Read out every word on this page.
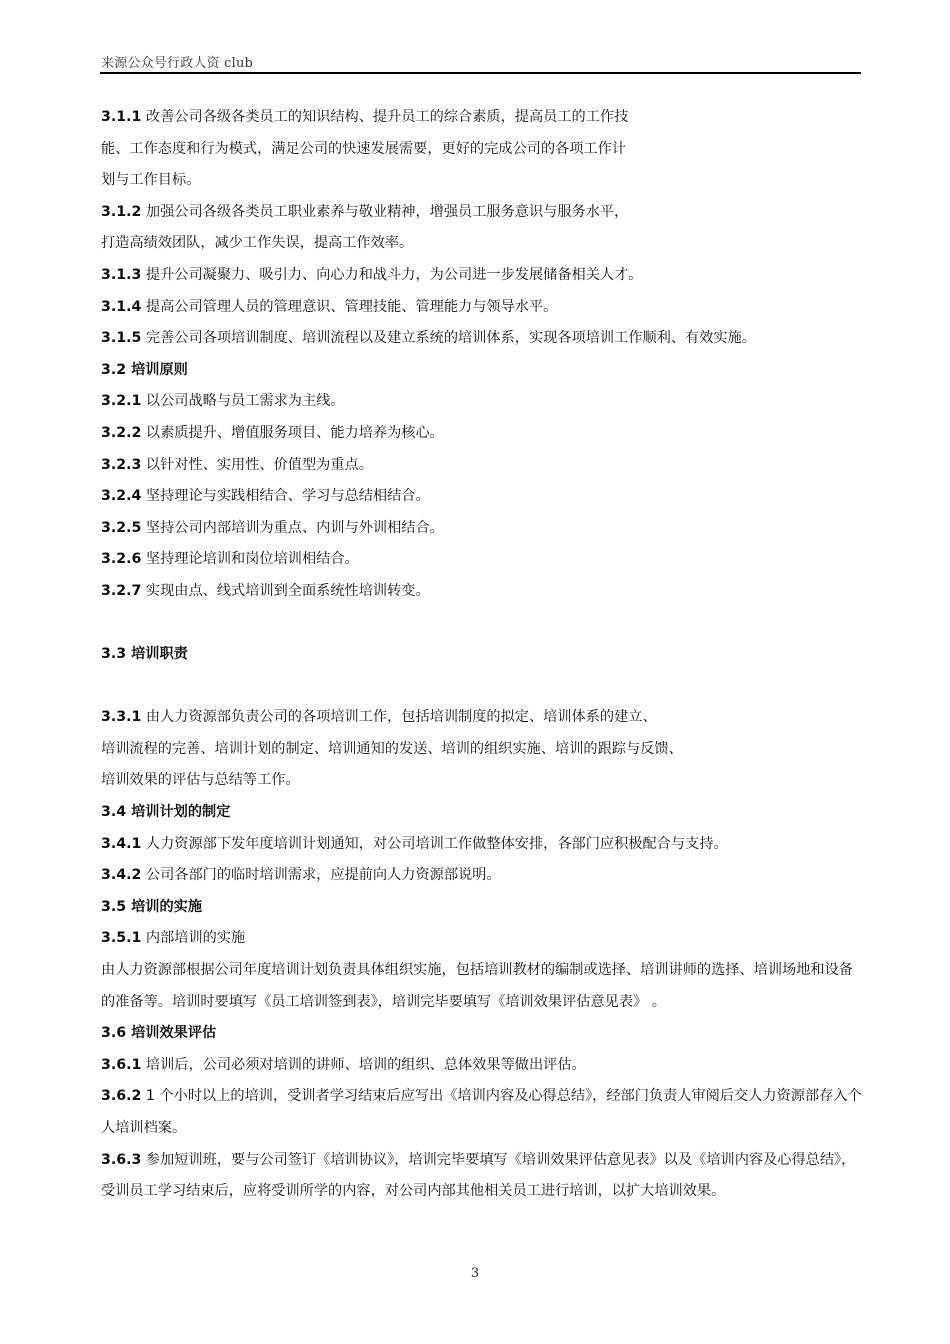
来源公众号行政人资 club
3.1.1 改善公司各级各类员工的知识结构、提升员工的综合素质，提高员工的工作技
能、工作态度和行为模式，满足公司的快速发展需要，更好的完成公司的各项工作计
划与工作目标。
3.1.2 加强公司各级各类员工职业素养与敬业精神，增强员工服务意识与服务水平，
打造高绩效团队，减少工作失误，提高工作效率。
3.1.3 提升公司凝聚力、吸引力、向心力和战斗力，为公司进一步发展储备相关人才。
3.1.4 提高公司管理人员的管理意识、管理技能、管理能力与领导水平。
3.1.5 完善公司各项培训制度、培训流程以及建立系统的培训体系，实现各项培训工作顺利、有效实施。
3.2 培训原则
3.2.1 以公司战略与员工需求为主线。
3.2.2 以素质提升、增值服务项目、能力培养为核心。
3.2.3 以针对性、实用性、价值型为重点。
3.2.4 坚持理论与实践相结合、学习与总结相结合。
3.2.5 坚持公司内部培训为重点、内训与外训相结合。
3.2.6 坚持理论培训和岗位培训相结合。
3.2.7 实现由点、线式培训到全面系统性培训转变。
3.3 培训职责
3.3.1 由人力资源部负责公司的各项培训工作，包括培训制度的拟定、培训体系的建立、
培训流程的完善、培训计划的制定、培训通知的发送、培训的组织实施、培训的跟踪与反馈、
培训效果的评估与总结等工作。
3.4 培训计划的制定
3.4.1 人力资源部下发年度培训计划通知，对公司培训工作做整体安排，各部门应积极配合与支持。
3.4.2 公司各部门的临时培训需求，应提前向人力资源部说明。
3.5 培训的实施
3.5.1 内部培训的实施
由人力资源部根据公司年度培训计划负责具体组织实施，包括培训教材的编制或选择、培训讲师的选择、培训场地和设备的准备等。培训时要填写《员工培训签到表》，培训完毕要填写《培训效果评估意见表》 。
3.6 培训效果评估
3.6.1 培训后，公司必须对培训的讲师、培训的组织、总体效果等做出评估。
3.6.2 1 个小时以上的培训，受训者学习结束后应写出《培训内容及心得总结》，经部门负责人审阅后交人力资源部存入个人培训档案。
3.6.3 参加短训班，要与公司签订《培训协议》，培训完毕要填写《培训效果评估意见表》以及《培训内容及心得总结》，受训员工学习结束后，应将受训所学的内容，对公司内部其他相关员工进行培训，以扩大培训效果。
3
